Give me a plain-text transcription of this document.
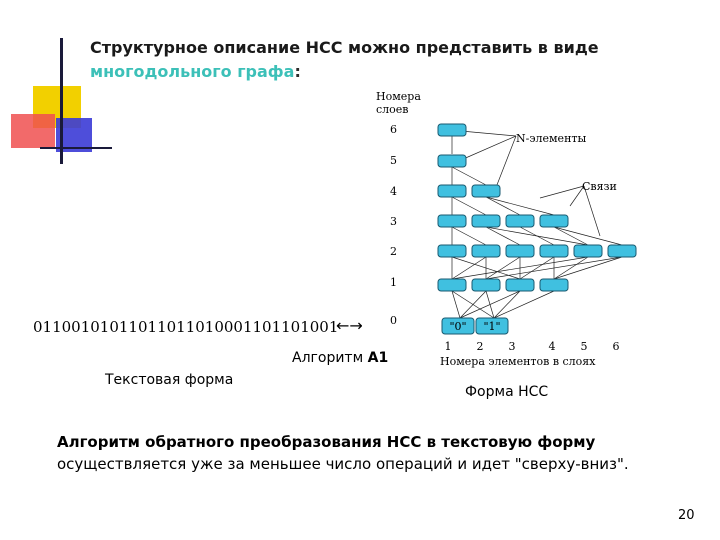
Структурное описание НСС можно представить в виде
многодольного графа:
01100101011011011010001101101001
←→
Алгоритм А1
Текстовая форма
Форма НСС
Номера
слоев
6
5
4
3
2
1
0	"0" "1"
N-элементы
Связи
1 2 3	4 5 6
Номера элементов в слоях
Алгоритм обратного преобразования НСС в текстовую форму
осуществляется уже за меньшее число операций и идет "сверху-вниз".
20
